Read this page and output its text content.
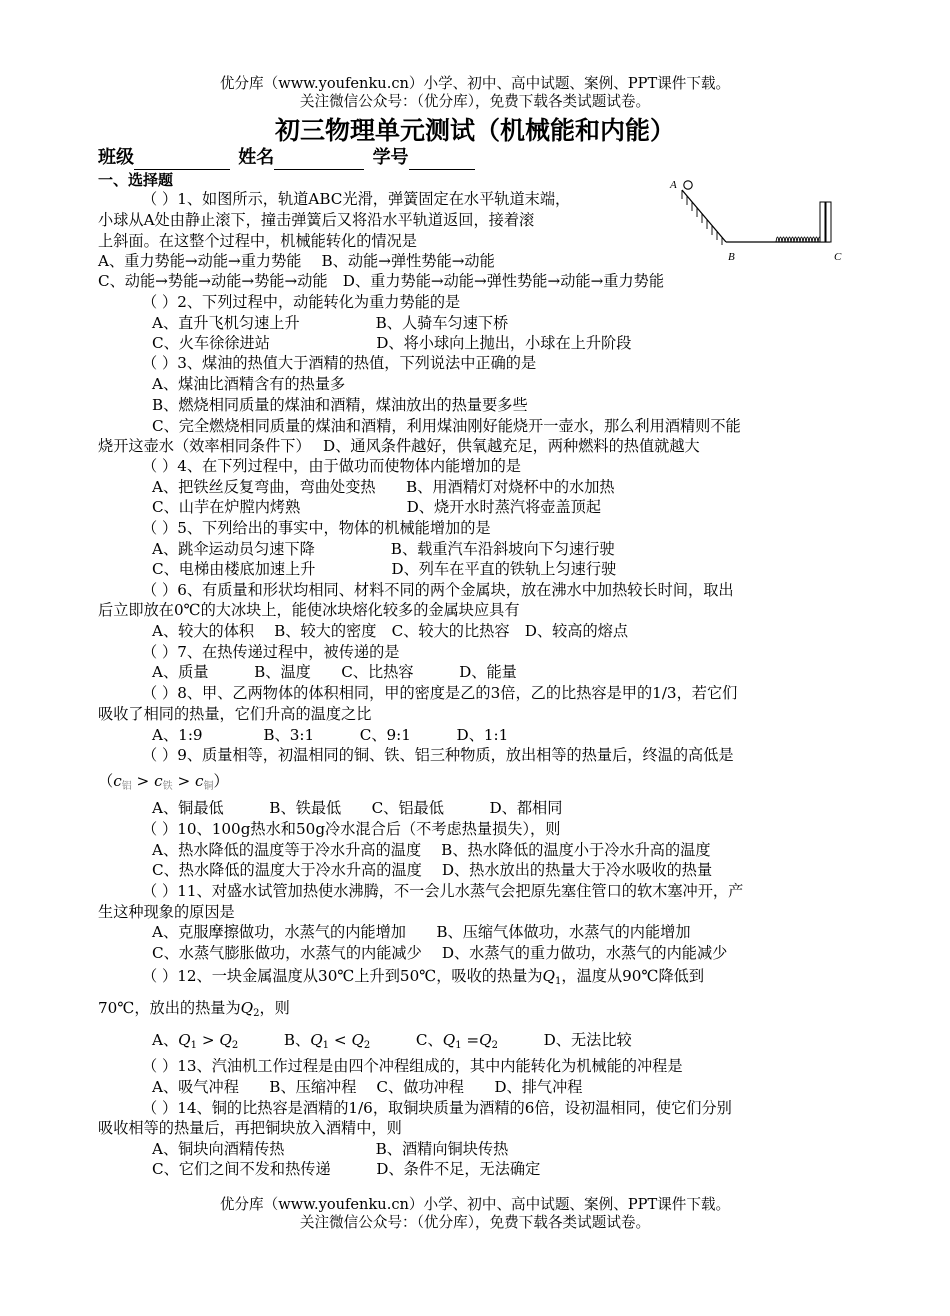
优分库（www.youfenku.cn）小学、初中、高中试题、案例、PPT课件下载。
关注微信公众号：（优分库），免费下载各类试题试卷。
初三物理单元测试（机械能和内能）
班级	姓名	学号
一、选择题	A
B	C
（ ）1、如图所示，轨道ABC光滑，弹簧固定在水平轨道末端，
小球从A处由静止滚下，撞击弹簧后又将沿水平轨道返回，接着滚
上斜面。在这整个过程中，机械能转化的情况是
A、重力势能→动能→重力势能　 B、动能→弹性势能→动能
C、动能→势能→动能→势能→动能　D、重力势能→动能→弹性势能→动能→重力势能
（ ）2、下列过程中，动能转化为重力势能的是
A、直升飞机匀速上升　　　　　B、人骑车匀速下桥
C、火车徐徐进站　　　　　　　D、将小球向上抛出，小球在上升阶段
（ ）3、煤油的热值大于酒精的热值，下列说法中正确的是
A、煤油比酒精含有的热量多
B、燃烧相同质量的煤油和酒精，煤油放出的热量要多些
C、完全燃烧相同质量的煤油和酒精，利用煤油刚好能烧开一壶水，那么利用酒精则不能
烧开这壶水（效率相同条件下）　 D、通风条件越好，供氧越充足，两种燃料的热值就越大
（ ）4、在下列过程中，由于做功而使物体内能增加的是
A、把铁丝反复弯曲，弯曲处变热　　B、用酒精灯对烧杯中的水加热
C、山芋在炉膛内烤熟　　　　　　　D、烧开水时蒸汽将壶盖顶起
（ ）5、下列给出的事实中，物体的机械能增加的是
A、跳伞运动员匀速下降　　　　　B、载重汽车沿斜坡向下匀速行驶
C、电梯由楼底加速上升　　　　　D、列车在平直的铁轨上匀速行驶
（ ）6、有质量和形状均相同、材料不同的两个金属块，放在沸水中加热较长时间，取出
后立即放在0℃的大冰块上，能使冰块熔化较多的金属块应具有
A、较大的体积　 B、较大的密度　C、较大的比热容　D、较高的熔点
（ ）7、在热传递过程中，被传递的是
A、质量　　　B、温度　　C、比热容　　　D、能量
（ ）8、甲、乙两物体的体积相同，甲的密度是乙的3倍，乙的比热容是甲的1/3，若它们
吸收了相同的热量，它们升高的温度之比
A、1:9　　　　B、3:1　　　C、9:1　　　D、1:1
（ ）9、质量相等，初温相同的铜、铁、铝三种物质，放出相等的热量后，终温的高低是
$(c_铝 > c_铁 > c_铜)$
A、铜最低　　　B、铁最低　　C、铝最低　　　D、都相同
（ ）10、100g热水和50g冷水混合后（不考虑热量损失），则
A、热水降低的温度等于冷水升高的温度　 B、热水降低的温度小于冷水升高的温度
C、热水降低的温度大于冷水升高的温度　 D、热水放出的热量大于冷水吸收的热量
（ ）11、对盛水试管加热使水沸腾，不一会儿水蒸气会把原先塞住管口的软木塞冲开，产
生这种现象的原因是
A、克服摩擦做功，水蒸气的内能增加　　B、压缩气体做功，水蒸气的内能增加
C、水蒸气膨胀做功，水蒸气的内能减少　 D、水蒸气的重力做功，水蒸气的内能减少
（ ）12、一块金属温度从30℃上升到50℃，吸收的热量为$Q_1$，温度从90℃降低到
70℃，放出的热量为$Q_2$，则
A、$Q_1 > Q_2$	B、$Q_1 < Q_2$	C、$Q_1 =Q_2$	D、无法比较
（ ）13、汽油机工作过程是由四个冲程组成的，其中内能转化为机械能的冲程是
A、吸气冲程　　B、压缩冲程　 C、做功冲程　　D、排气冲程
（ ）14、铜的比热容是酒精的1/6，取铜块质量为酒精的6倍，设初温相同，使它们分别
吸收相等的热量后，再把铜块放入酒精中，则
A、铜块向酒精传热　　　　　　B、酒精向铜块传热
C、它们之间不发和热传递　　　D、条件不足，无法确定
优分库（www.youfenku.cn）小学、初中、高中试题、案例、PPT课件下载。
关注微信公众号：（优分库），免费下载各类试题试卷。
